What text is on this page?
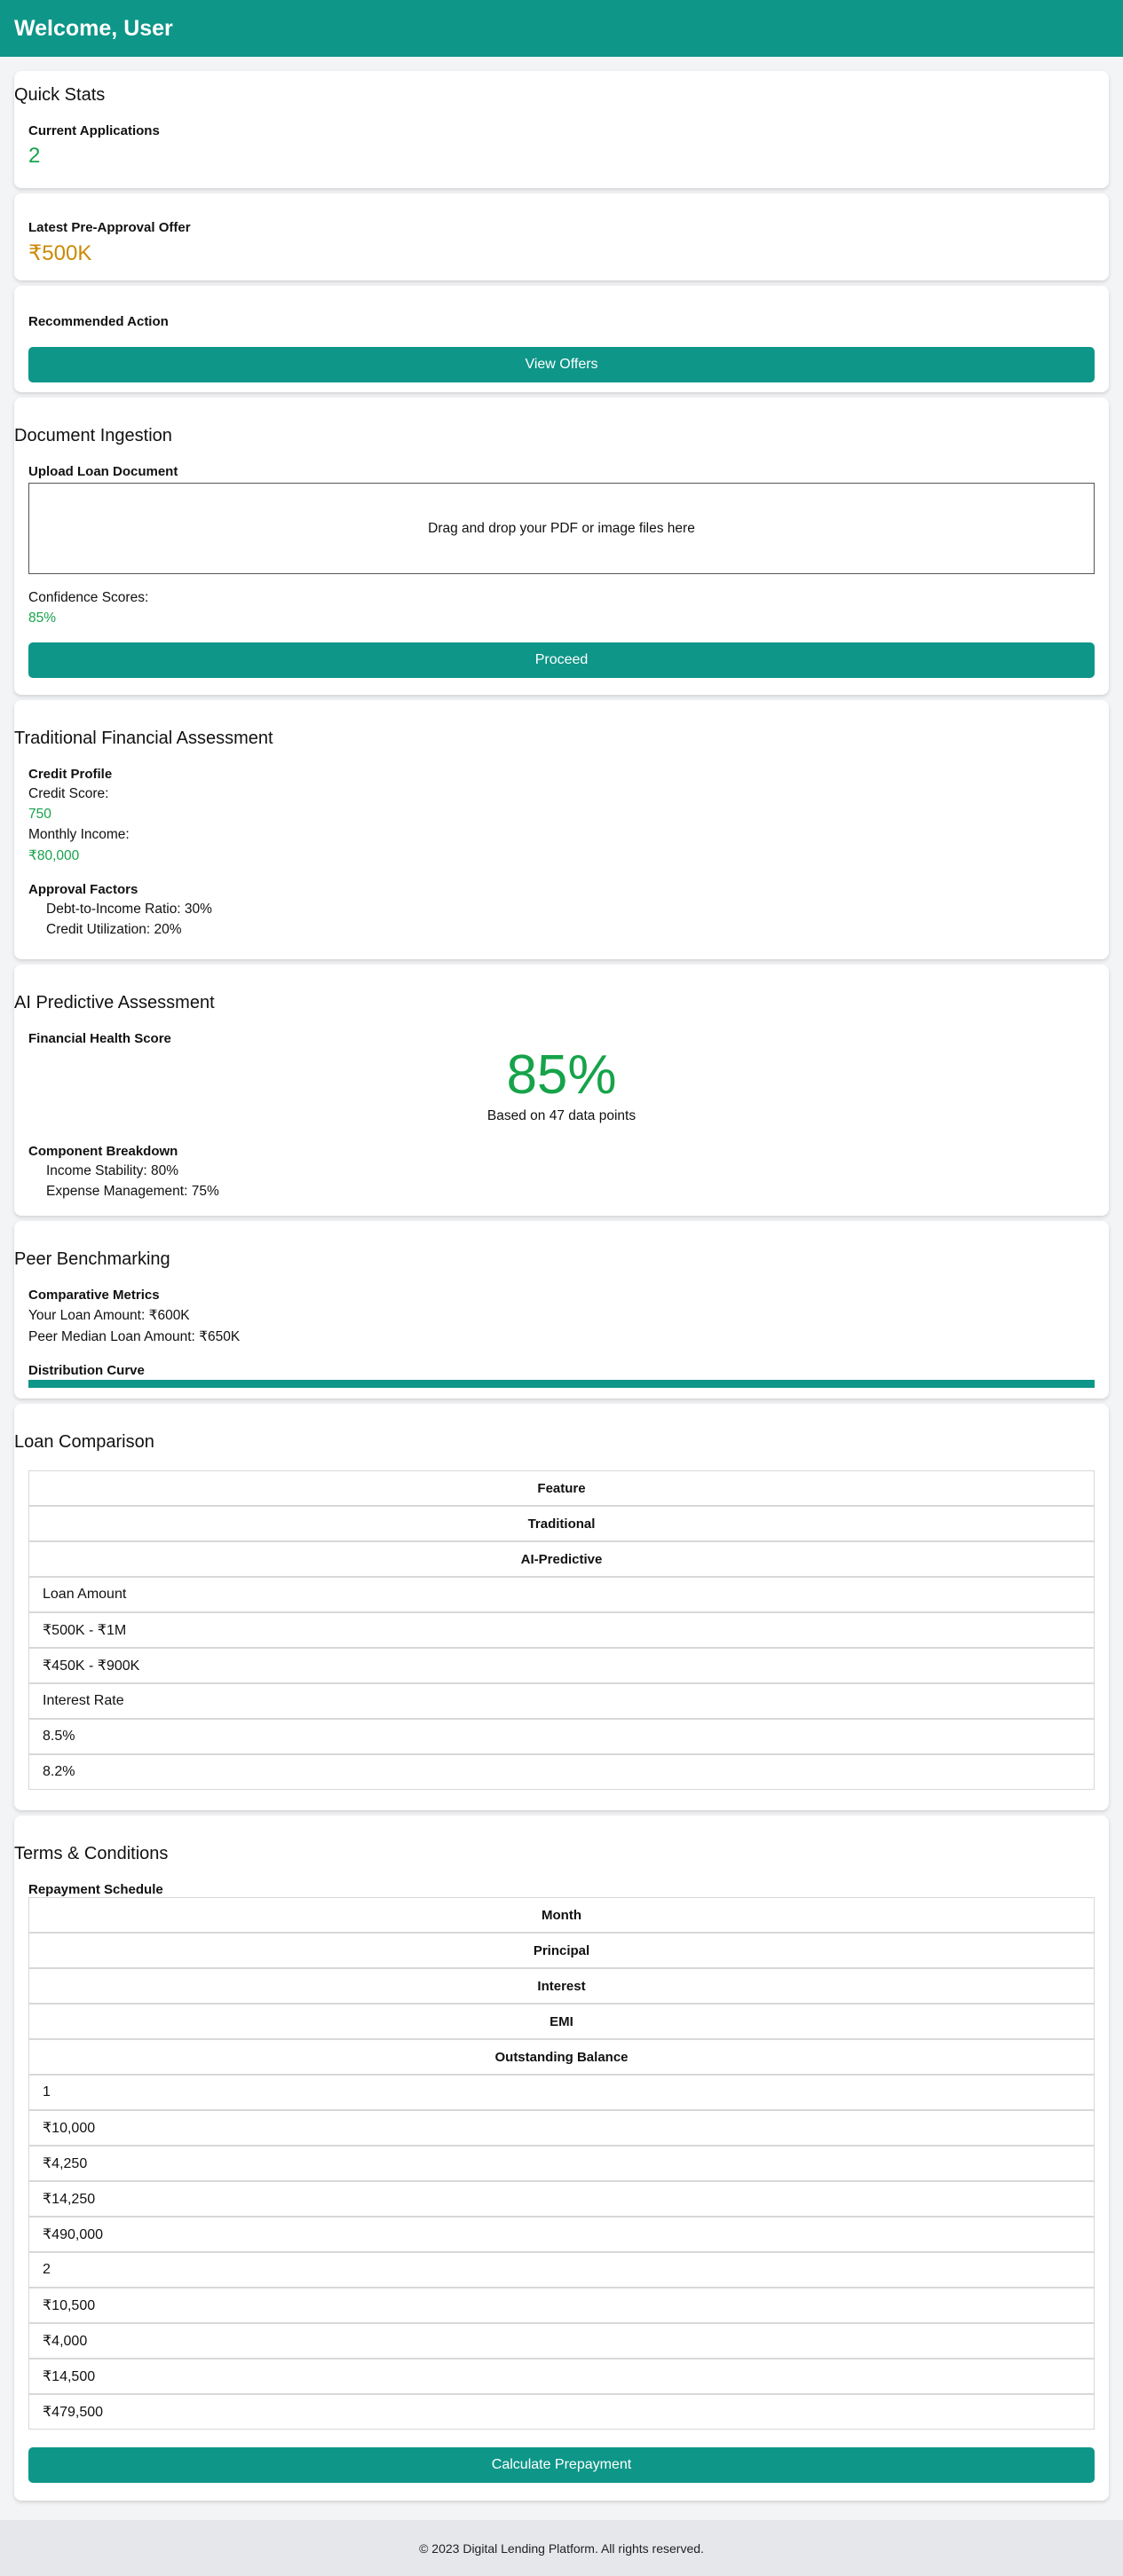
Welcome, User
Quick Stats
Current Applications
2
Latest Pre-Approval Offer
₹500K
Recommended Action
View Offers
Document Ingestion
Upload Loan Document
Drag and drop your PDF or image files here
Confidence Scores:
85%
Proceed
Traditional Financial Assessment
Credit Profile
Credit Score:
750
Monthly Income:
₹80,000
Approval Factors
Debt-to-Income Ratio: 30%
Credit Utilization: 20%
AI Predictive Assessment
Financial Health Score
85%
Based on 47 data points
Component Breakdown
Income Stability: 80%
Expense Management: 75%
Peer Benchmarking
Comparative Metrics
Your Loan Amount: ₹600K
Peer Median Loan Amount: ₹650K
Distribution Curve
Loan Comparison
Feature
Traditional
AI-Predictive
Loan Amount
₹500K - ₹1M
₹450K - ₹900K
Interest Rate
8.5%
8.2%
Terms & Conditions
Repayment Schedule
Month
Principal
Interest
EMI
Outstanding Balance
1
₹10,000
₹4,250
₹14,250
₹490,000
2
₹10,500
₹4,000
₹14,500
₹479,500
Calculate Prepayment
© 2023 Digital Lending Platform. All rights reserved.
